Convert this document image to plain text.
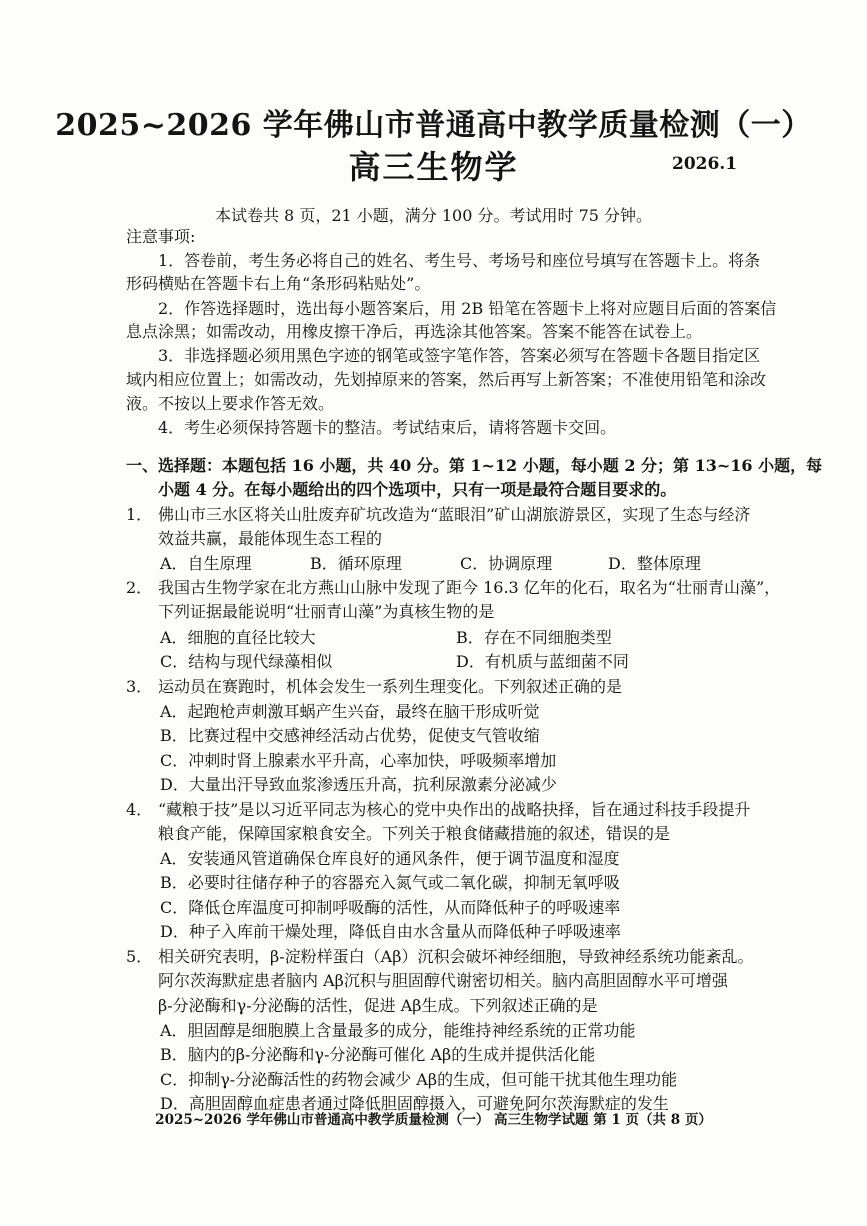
2025~2026 学年佛山市普通高中教学质量检测（一）
高三生物学	2026.1
本试卷共 8 页，21 小题，满分 100 分。考试用时 75 分钟。
注意事项:
1．答卷前，考生务必将自己的姓名、考生号、考场号和座位号填写在答题卡上。将条
形码横贴在答题卡右上角“条形码粘贴处”。
2．作答选择题时，选出每小题答案后，用 2B 铅笔在答题卡上将对应题目后面的答案信
息点涂黑；如需改动，用橡皮擦干净后，再选涂其他答案。答案不能答在试卷上。
3．非选择题必须用黑色字迹的钢笔或签字笔作答，答案必须写在答题卡各题目指定区
域内相应位置上；如需改动，先划掉原来的答案，然后再写上新答案；不准使用铅笔和涂改
液。不按以上要求作答无效。
4．考生必须保持答题卡的整洁。考试结束后，请将答题卡交回。
一、选择题：本题包括 16 小题，共 40 分。第 1~12 小题，每小题 2 分；第 13~16 小题，每
小题 4 分。在每小题给出的四个选项中，只有一项是最符合题目要求的。
1． 佛山市三水区将关山肚废弃矿坑改造为“蓝眼泪”矿山湖旅游景区，实现了生态与经济
效益共赢，最能体现生态工程的
A．自生原理	B．循环原理	C．协调原理	D．整体原理
2． 我国古生物学家在北方燕山山脉中发现了距今 16.3 亿年的化石，取名为“壮丽青山藻”，
下列证据最能说明“壮丽青山藻”为真核生物的是
A．细胞的直径比较大	B．存在不同细胞类型
C．结构与现代绿藻相似	D．有机质与蓝细菌不同
3． 运动员在赛跑时，机体会发生一系列生理变化。下列叙述正确的是
A．起跑枪声刺激耳蜗产生兴奋，最终在脑干形成听觉
B．比赛过程中交感神经活动占优势，促使支气管收缩
C．冲刺时肾上腺素水平升高，心率加快，呼吸频率增加
D．大量出汗导致血浆渗透压升高，抗利尿激素分泌减少
4． “藏粮于技”是以习近平同志为核心的党中央作出的战略抉择，旨在通过科技手段提升
粮食产能，保障国家粮食安全。下列关于粮食储藏措施的叙述，错误的是
A．安装通风管道确保仓库良好的通风条件，便于调节温度和湿度
B．必要时往储存种子的容器充入氮气或二氧化碳，抑制无氧呼吸
C．降低仓库温度可抑制呼吸酶的活性，从而降低种子的呼吸速率
D．种子入库前干燥处理，降低自由水含量从而降低种子呼吸速率
5． 相关研究表明，β-淀粉样蛋白（Aβ）沉积会破坏神经细胞，导致神经系统功能紊乱。
阿尔茨海默症患者脑内 Aβ沉积与胆固醇代谢密切相关。脑内高胆固醇水平可增强
β-分泌酶和γ-分泌酶的活性，促进 Aβ生成。下列叙述正确的是
A．胆固醇是细胞膜上含量最多的成分，能维持神经系统的正常功能
B．脑内的β-分泌酶和γ-分泌酶可催化 Aβ的生成并提供活化能
C．抑制γ-分泌酶活性的药物会减少 Aβ的生成，但可能干扰其他生理功能
D．高胆固醇血症患者通过降低胆固醇摄入，可避免阿尔茨海默症的发生
2025~2026 学年佛山市普通高中教学质量检测（一） 高三生物学试题 第 1 页（共 8 页）
